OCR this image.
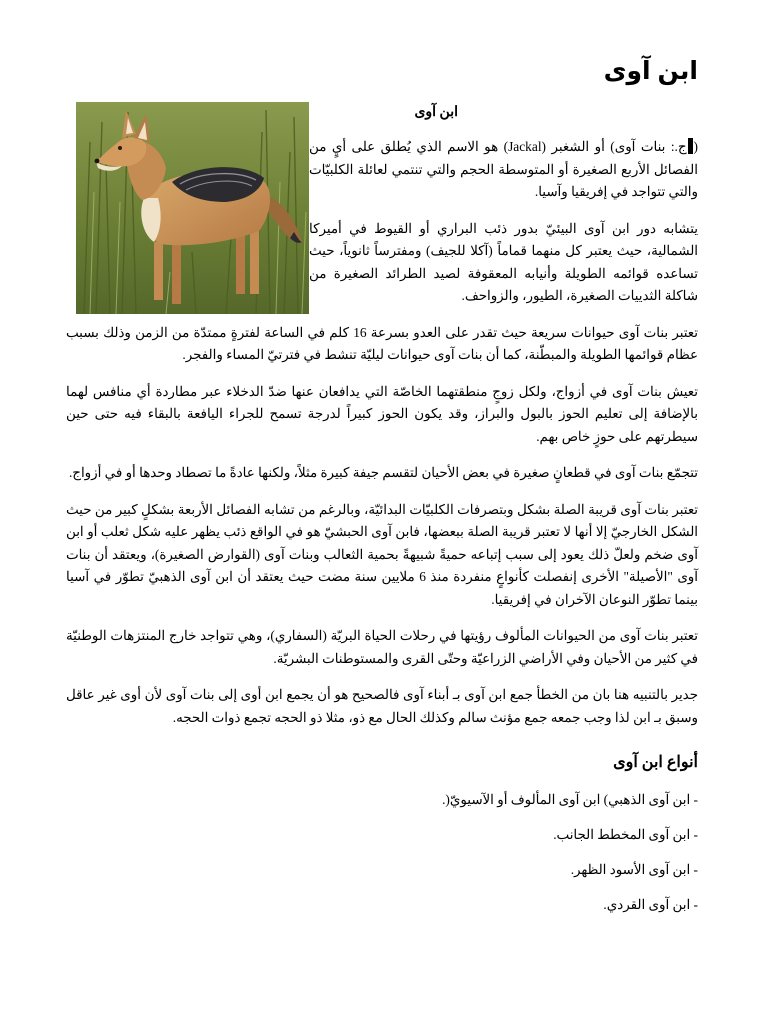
ابن آوى
ابن آوى

(ج.: بنات آوى) أو الشغبر (Jackal) هو الاسم الذي يُطلق على أيٍ من الفصائل الأربع الصغيرة أو المتوسطة الحجم والتي تنتمي لعائلة الكلبيّات والتي تتواجد في إفريقيا وآسيا.

يتشابه دور ابن آوى البيئيّ بدور ذئب البراري أو القيوط في أميركا الشمالية، حيث يعتبر كل منهما قماماً (آكلا للجيف) ومفترساً ثانوياً، حيث تساعده قوائمه الطويلة وأنيابه المعقوفة لصيد الطرائد الصغيرة من شاكلة الثدييات الصغيرة، الطيور، والزواحف.

تعتبر بنات آوى حيوانات سريعة حيث تقدر على العدو بسرعة 16 كلم في الساعة لفترةٍ ممتدّة من الزمن وذلك بسبب عظام قوائمها الطويلة والمبطّنة، كما أن بنات آوى حيوانات ليليّة تنشط في فترتيّ المساء والفجر.

تعيش بنات آوى في أزواج، ولكل زوجٍ منطقتهما الخاصّة التي يدافعان عنها ضدّ الدخلاء عبر مطاردة أي منافس لهما بالإضافة إلى تعليم الحوز بالبول والبراز، وقد يكون الحوز كبيراً لدرجة تسمح للجراء اليافعة بالبقاء فيه حتى حين سيطرتهم على حوزٍ خاص بهم.

تتجمّع بنات آوى في قطعانٍ صغيرة في بعض الأحيان لتقسم جيفة كبيرة مثلاً، ولكنها عادةً ما تصطاد وحدها أو في أزواج.

تعتبر بنات آوى قريبة الصلة بشكل وبتصرفات الكلبيّات البدائيّة، وبالرغم من تشابه الفصائل الأربعة بشكلٍ كبير من حيث الشكل الخارجيّ إلا أنها لا تعتبر قريبة الصلة ببعضها، فابن آوى الحبشيّ هو في الواقع ذئب يظهر عليه شكل ثعلب أو ابن آوى ضخم ولعلّ ذلك يعود إلى سبب إتباعه حميةً شبيهةً بحمية الثعالب وبنات آوى (القوارض الصغيرة)، ويعتقد أن بنات آوى "الأصيلة" الأخرى إنفصلت كأنواعٍ منفردة منذ 6 ملايين سنة مضت حيث يعتقد أن ابن آوى الذهبيّ تطوّر في آسيا بينما تطوّر النوعان الآخران في إفريقيا.

تعتبر بنات آوى من الحيوانات المألوف رؤيتها في رحلات الحياة البريّة (السفاري)، وهي تتواجد خارج المنتزهات الوطنيّة في كثير من الأحيان وفي الأراضي الزراعيّة وحتّى القرى والمستوطنات البشريّة.

جدير بالتنبيه هنا بان من الخطأ جمع ابن آوى بـ أبناء آوى فالصحيح هو أن يجمع ابن أوى إلى بنات آوى لأن أوى غير عاقل وسبق بـ ابن لذا وجب جمعه جمع مؤنث سالم وكذلك الحال مع ذو، مثلا ذو الحجه تجمع ذوات الحجه.

أنواع ابن آوى
- ابن آوى الذهبي) ابن آوى المألوف أو الآسيويّ(.
- ابن آوى المخطط الجانب.
- ابن آوى الأسود الظهر.
- ابن آوى القردي.
